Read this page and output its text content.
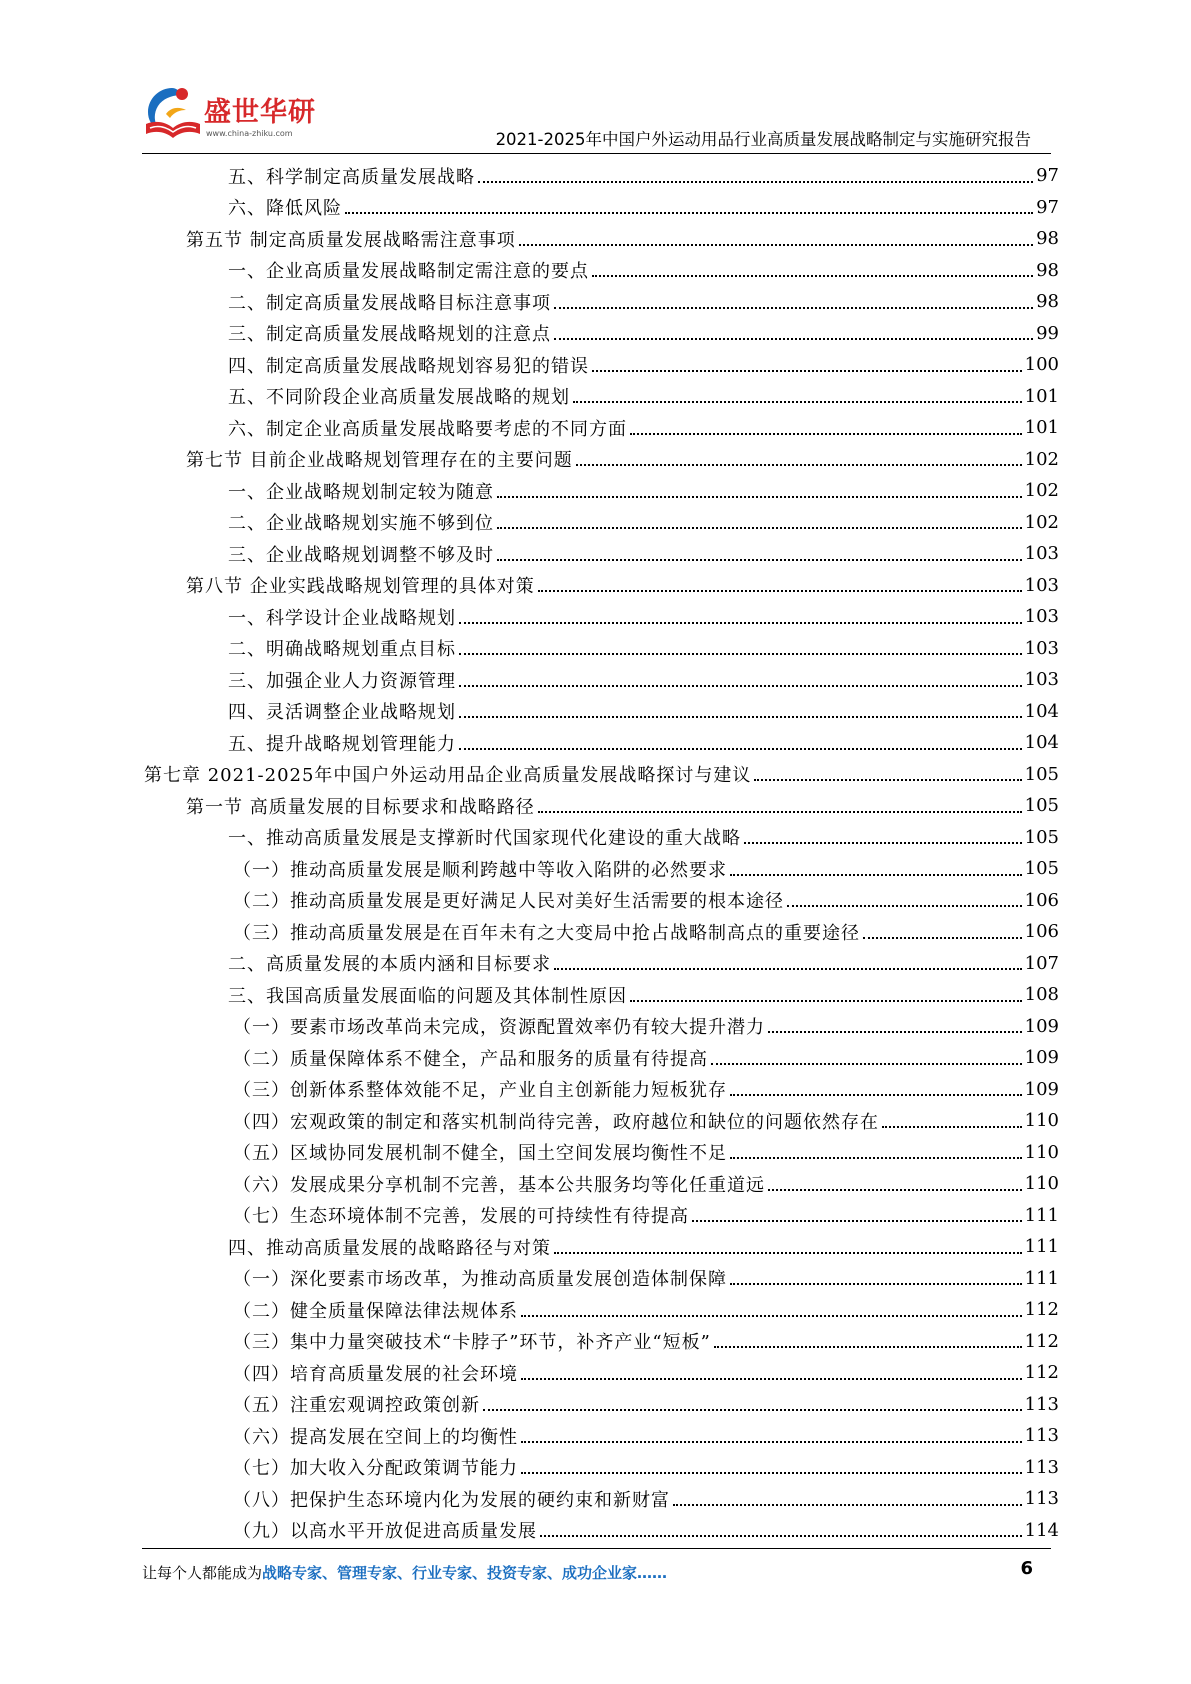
盛世华研
www.china-zhiku.com	2021-2025年中国户外运动用品行业高质量发展战略制定与实施研究报告
五、科学制定高质量发展战略	97
六、降低风险	97
第五节 制定高质量发展战略需注意事项	98
一、企业高质量发展战略制定需注意的要点	98
二、制定高质量发展战略目标注意事项	98
三、制定高质量发展战略规划的注意点	99
四、制定高质量发展战略规划容易犯的错误	100
五、不同阶段企业高质量发展战略的规划	101
六、制定企业高质量发展战略要考虑的不同方面	101
第七节 目前企业战略规划管理存在的主要问题	102
一、企业战略规划制定较为随意	102
二、企业战略规划实施不够到位	102
三、企业战略规划调整不够及时	103
第八节 企业实践战略规划管理的具体对策	103
一、科学设计企业战略规划	103
二、明确战略规划重点目标	103
三、加强企业人力资源管理	103
四、灵活调整企业战略规划	104
五、提升战略规划管理能力	104
第七章 2021-2025年中国户外运动用品企业高质量发展战略探讨与建议	105
第一节 高质量发展的目标要求和战略路径	105
一、推动高质量发展是支撑新时代国家现代化建设的重大战略	105
（一）推动高质量发展是顺利跨越中等收入陷阱的必然要求	105
（二）推动高质量发展是更好满足人民对美好生活需要的根本途径	106
（三）推动高质量发展是在百年未有之大变局中抢占战略制高点的重要途径	106
二、高质量发展的本质内涵和目标要求	107
三、我国高质量发展面临的问题及其体制性原因	108
（一）要素市场改革尚未完成，资源配置效率仍有较大提升潜力	109
（二）质量保障体系不健全，产品和服务的质量有待提高	109
（三）创新体系整体效能不足，产业自主创新能力短板犹存	109
（四）宏观政策的制定和落实机制尚待完善，政府越位和缺位的问题依然存在	110
（五）区域协同发展机制不健全，国土空间发展均衡性不足	110
（六）发展成果分享机制不完善，基本公共服务均等化任重道远	110
（七）生态环境体制不完善，发展的可持续性有待提高	111
四、推动高质量发展的战略路径与对策	111
（一）深化要素市场改革，为推动高质量发展创造体制保障	111
（二）健全质量保障法律法规体系	112
（三）集中力量突破技术“卡脖子”环节，补齐产业“短板”	112
（四）培育高质量发展的社会环境	112
（五）注重宏观调控政策创新	113
（六）提高发展在空间上的均衡性	113
（七）加大收入分配政策调节能力	113
（八）把保护生态环境内化为发展的硬约束和新财富	113
（九）以高水平开放促进高质量发展	114
让每个人都能成为战略专家、管理专家、行业专家、投资专家、成功企业家……	6
